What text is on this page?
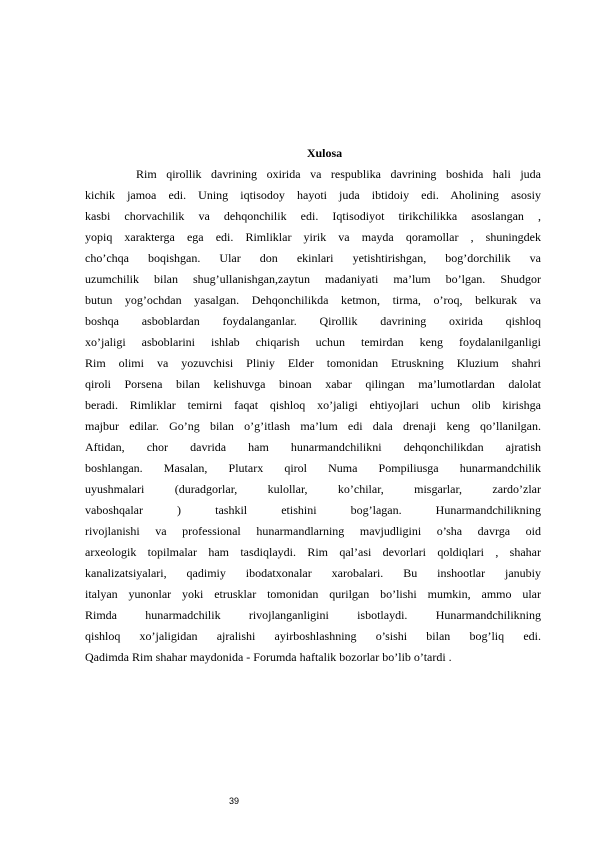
Xulosa
Rim qirollik davrining oxirida va respublika davrining boshida hali juda
kichik jamoa edi. Uning iqtisodoy hayoti juda ibtidoiy edi. Aholining asosiy
kasbi chorvachilik va dehqonchilik edi. Iqtisodiyot tirikchilikka asoslangan ,
yopiq xarakterga ega edi. Rimliklar yirik va mayda qoramollar , shuningdek
cho’chqa boqishgan. Ular don ekinlari yetishtirishgan, bog’dorchilik va
uzumchilik bilan shug’ullanishgan,zaytun madaniyati ma’lum bo’lgan. Shudgor
butun yog’ochdan yasalgan. Dehqonchilikda ketmon, tirma, o’roq, belkurak va
boshqa asboblardan foydalanganlar. Qirollik davrining oxirida qishloq
xo’jaligi asboblarini ishlab chiqarish uchun temirdan keng foydalanilganligi
Rim olimi va yozuvchisi Pliniy Elder tomonidan Etruskning Kluzium shahri
qiroli Porsena bilan kelishuvga binoan xabar qilingan ma’lumotlardan dalolat
beradi. Rimliklar temirni faqat qishloq xo’jaligi ehtiyojlari uchun olib kirishga
majbur edilar. Go’ng bilan o’g’itlash ma’lum edi dala drenaji keng qo’llanilgan.
Aftidan, chor davrida ham hunarmandchilikni dehqonchilikdan ajratish
boshlangan. Masalan, Plutarx qirol Numa Pompiliusga hunarmandchilik
uyushmalari (duradgorlar, kulollar, ko’chilar, misgarlar, zardo’zlar
vaboshqalar ) tashkil etishini bog’lagan. Hunarmandchilikning
rivojlanishi va professional hunarmandlarning mavjudligini o’sha davrga oid
arxeologik topilmalar ham tasdiqlaydi. Rim qal’asi devorlari qoldiqlari , shahar
kanalizatsiyalari, qadimiy ibodatxonalar xarobalari. Bu inshootlar janubiy
italyan yunonlar yoki etrusklar tomonidan qurilgan bo’lishi mumkin, ammo ular
Rimda hunarmadchilik rivojlanganligini isbotlaydi. Hunarmandchilikning
qishloq xo’jaligidan ajralishi ayirboshlashning o’sishi bilan bog’liq edi.
Qadimda Rim shahar maydonida - Forumda haftalik bozorlar bo’lib o’tardi .
39
